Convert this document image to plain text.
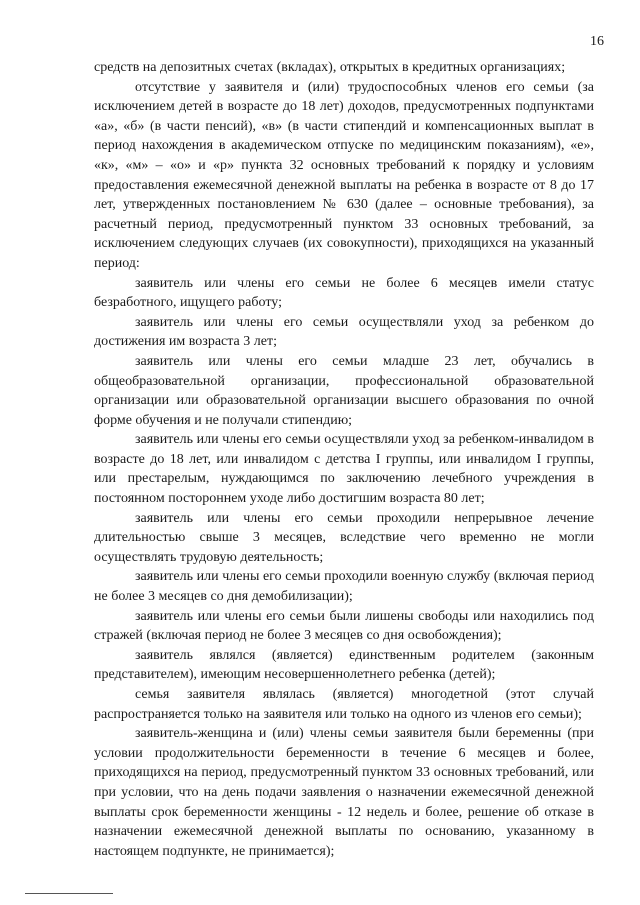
16

средств на депозитных счетах (вкладах), открытых в кредитных организациях;

отсутствие у заявителя и (или) трудоспособных членов его семьи (за исключением детей в возрасте до 18 лет) доходов, предусмотренных подпунктами «а», «б» (в части пенсий), «в» (в части стипендий и компенсационных выплат в период нахождения в академическом отпуске по медицинским показаниям), «е», «к», «м» – «о» и «р» пункта 32 основных требований к порядку и условиям предоставления ежемесячной денежной выплаты на ребенка в возрасте от 8 до 17 лет, утвержденных постановлением № 630 (далее – основные требования), за расчетный период, предусмотренный пунктом 33 основных требований, за исключением следующих случаев (их совокупности), приходящихся на указанный период:

заявитель или члены его семьи не более 6 месяцев имели статус безработного, ищущего работу;

заявитель или члены его семьи осуществляли уход за ребенком до достижения им возраста 3 лет;

заявитель или члены его семьи младше 23 лет, обучались в общеобразовательной организации, профессиональной образовательной организации или образовательной организации высшего образования по очной форме обучения и не получали стипендию;

заявитель или члены его семьи осуществляли уход за ребенком-инвалидом в возрасте до 18 лет, или инвалидом с детства I группы, или инвалидом I группы, или престарелым, нуждающимся по заключению лечебного учреждения в постоянном постороннем уходе либо достигшим возраста 80 лет;

заявитель или члены его семьи проходили непрерывное лечение длительностью свыше 3 месяцев, вследствие чего временно не могли осуществлять трудовую деятельность;

заявитель или члены его семьи проходили военную службу (включая период не более 3 месяцев со дня демобилизации);

заявитель или члены его семьи были лишены свободы или находились под стражей (включая период не более 3 месяцев со дня освобождения);

заявитель являлся (является) единственным родителем (законным представителем), имеющим несовершеннолетнего ребенка (детей);

семья заявителя являлась (является) многодетной (этот случай распространяется только на заявителя или только на одного из членов его семьи);

заявитель-женщина и (или) члены семьи заявителя были беременны (при условии продолжительности беременности в течение 6 месяцев и более, приходящихся на период, предусмотренный пунктом 33 основных требований, или при условии, что на день подачи заявления о назначении ежемесячной денежной выплаты срок беременности женщины - 12 недель и более, решение об отказе в назначении ежемесячной денежной выплаты по основанию, указанному в настоящем подпункте, не принимается);
